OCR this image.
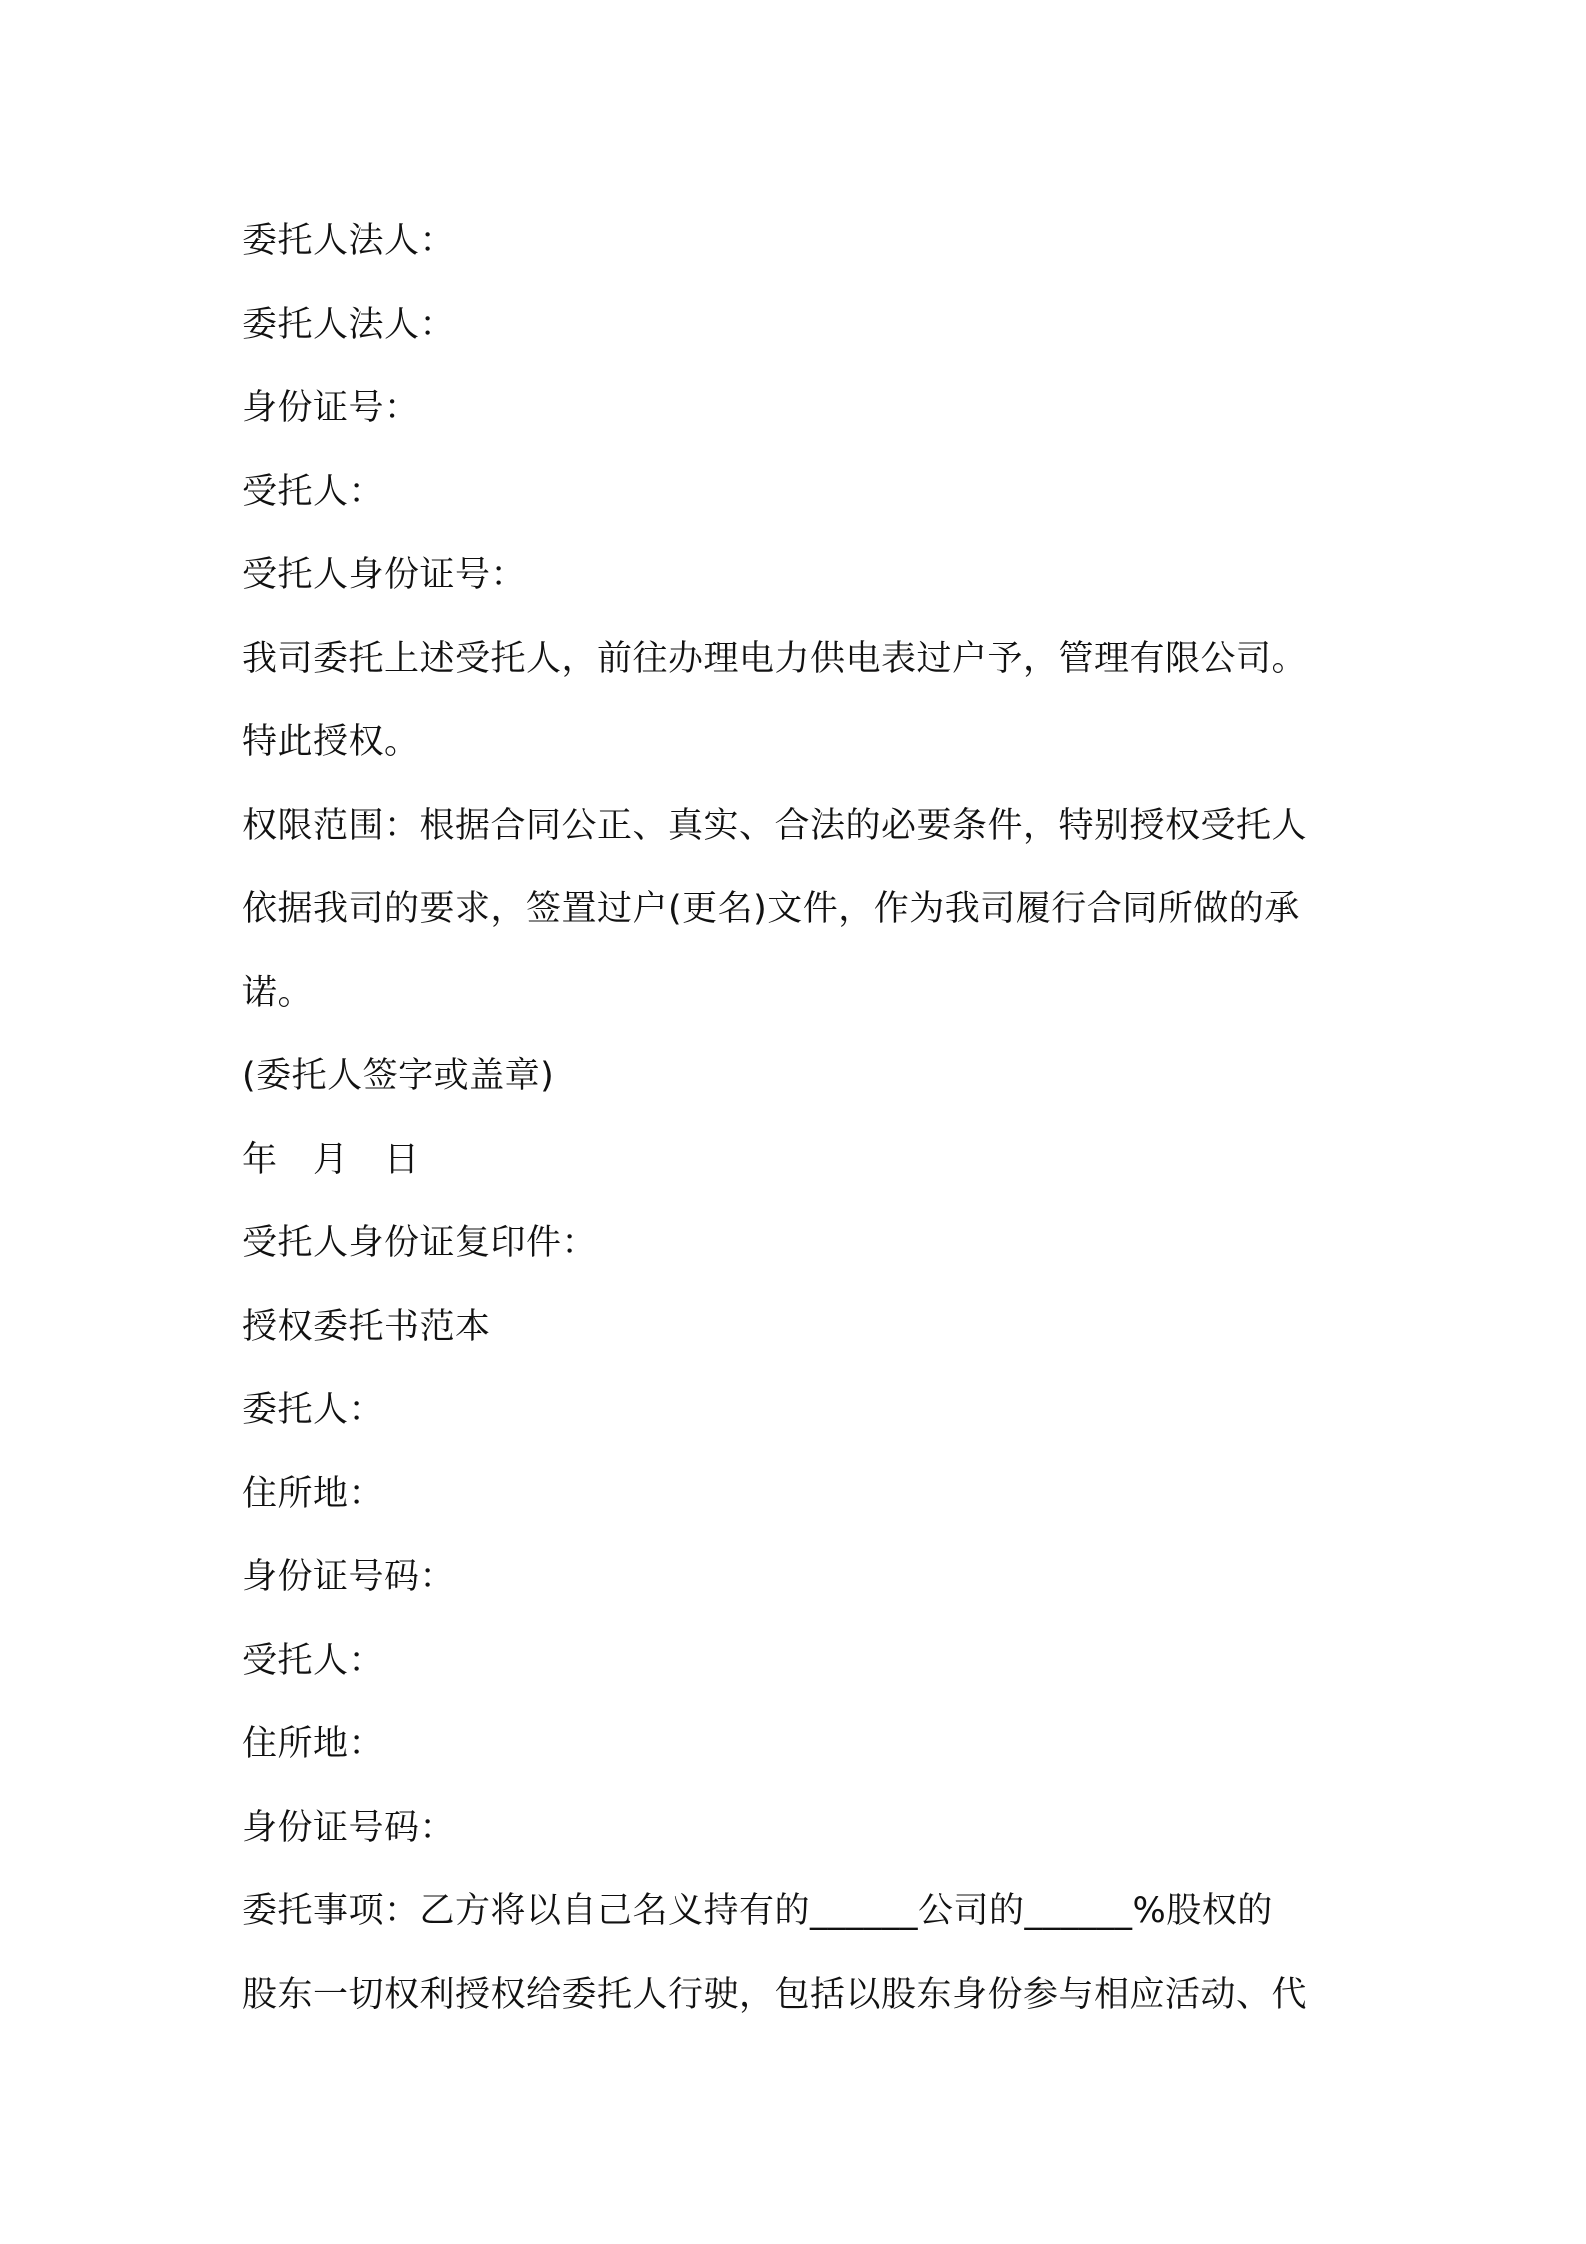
委托人法人：
委托人法人：
身份证号：
受托人：
受托人身份证号：
我司委托上述受托人，前往办理电力供电表过户予，管理有限公司。
特此授权。
权限范围：根据合同公正、真实、合法的必要条件，特别授权受托人
依据我司的要求，签置过户(更名)文件，作为我司履行合同所做的承
诺。
(委托人签字或盖章)
年　月　日
受托人身份证复印件：
授权委托书范本
委托人：
住所地：
身份证号码：
受托人：
住所地：
身份证号码：
委托事项：乙方将以自己名义持有的______公司的______%股权的
股东一切权利授权给委托人行驶，包括以股东身份参与相应活动、代
